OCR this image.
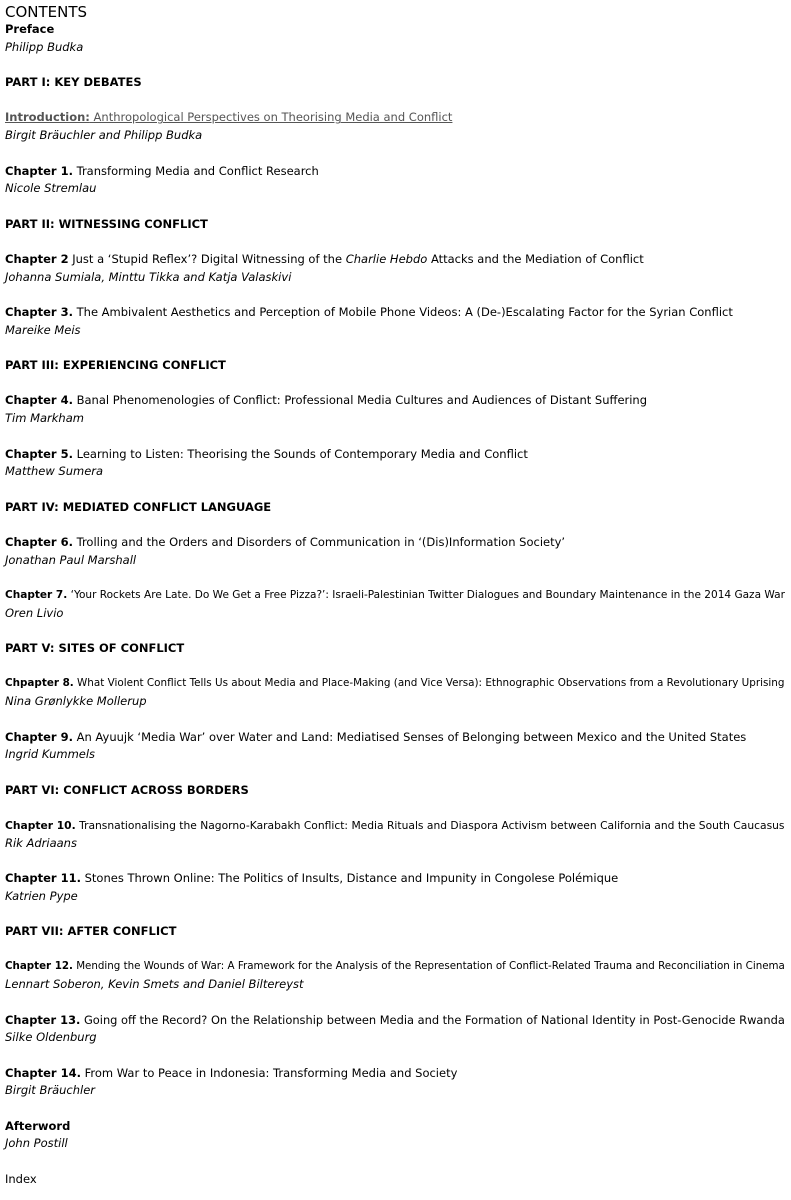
CONTENTS
Preface
Philipp Budka
PART I: KEY DEBATES
Introduction: Anthropological Perspectives on Theorising Media and Conflict
Birgit Bräuchler and Philipp Budka
Chapter 1. Transforming Media and Conflict Research
Nicole Stremlau
PART II: WITNESSING CONFLICT
Chapter 2 Just a ‘Stupid Reflex’? Digital Witnessing of the Charlie Hebdo Attacks and the Mediation of Conflict
Johanna Sumiala, Minttu Tikka and Katja Valaskivi
Chapter 3. The Ambivalent Aesthetics and Perception of Mobile Phone Videos: A (De-)Escalating Factor for the Syrian Conflict
Mareike Meis
PART III: EXPERIENCING CONFLICT
Chapter 4. Banal Phenomenologies of Conflict: Professional Media Cultures and Audiences of Distant Suffering
Tim Markham
Chapter 5. Learning to Listen: Theorising the Sounds of Contemporary Media and Conflict
Matthew Sumera
PART IV: MEDIATED CONFLICT LANGUAGE
Chapter 6. Trolling and the Orders and Disorders of Communication in ‘(Dis)Information Society’
Jonathan Paul Marshall
Chapter 7. ‘Your Rockets Are Late. Do We Get a Free Pizza?’: Israeli-Palestinian Twitter Dialogues and Boundary Maintenance in the 2014 Gaza War
Oren Livio
PART V: SITES OF CONFLICT
Chpapter 8. What Violent Conflict Tells Us about Media and Place-Making (and Vice Versa): Ethnographic Observations from a Revolutionary Uprising
Nina Grønlykke Mollerup
Chapter 9. An Ayuujk ‘Media War’ over Water and Land: Mediatised Senses of Belonging between Mexico and the United States
Ingrid Kummels
PART VI: CONFLICT ACROSS BORDERS
Chapter 10. Transnationalising the Nagorno-Karabakh Conflict: Media Rituals and Diaspora Activism between California and the South Caucasus
Rik Adriaans
Chapter 11. Stones Thrown Online: The Politics of Insults, Distance and Impunity in Congolese Polémique
Katrien Pype
PART VII: AFTER CONFLICT
Chapter 12. Mending the Wounds of War: A Framework for the Analysis of the Representation of Conflict-Related Trauma and Reconciliation in Cinema
Lennart Soberon, Kevin Smets and Daniel Biltereyst
Chapter 13. Going off the Record? On the Relationship between Media and the Formation of National Identity in Post-Genocide Rwanda
Silke Oldenburg
Chapter 14. From War to Peace in Indonesia: Transforming Media and Society
Birgit Bräuchler
Afterword
John Postill
Index
